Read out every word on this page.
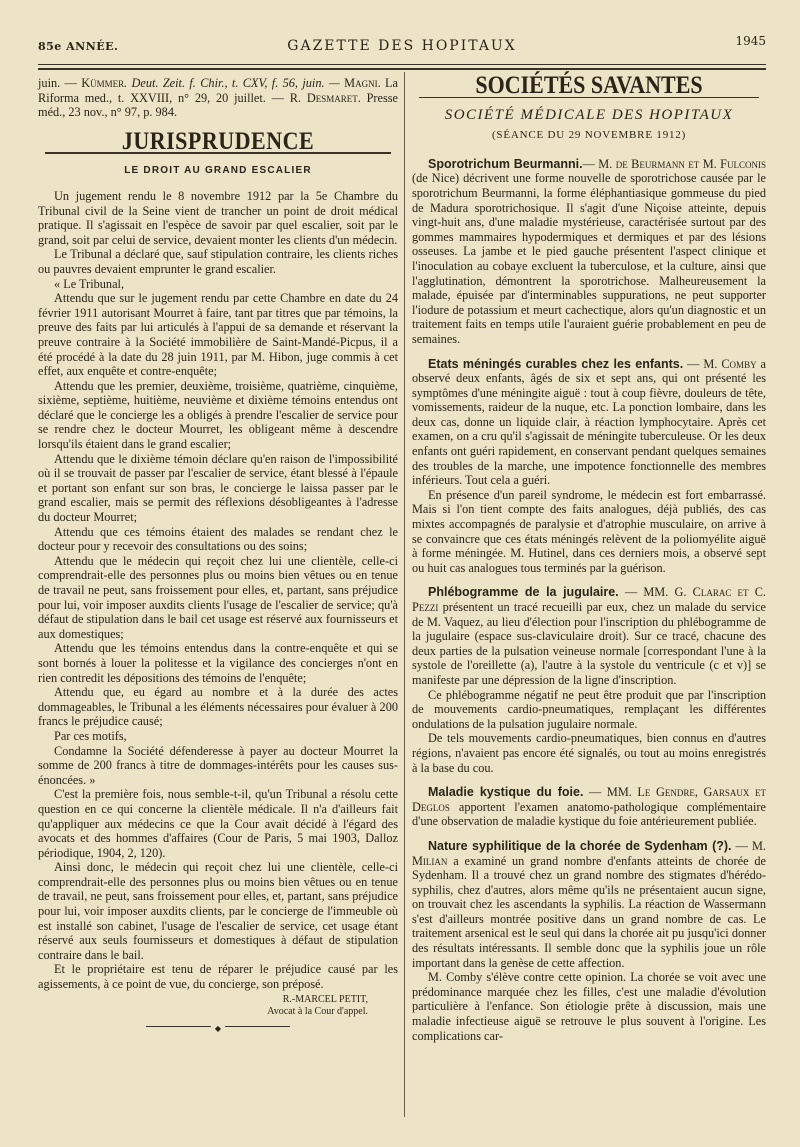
85e ANNÉE.	GAZETTE DES HOPITAUX	1945

juin. — Kümmer. Deut. Zeit. f. Chir., t. CXV, f. 56, juin. — Magni. La Riforma med., t. XXVIII, n° 29, 20 juillet. — R. Desmaret. Presse méd., 23 nov., n° 97, p. 984.

JURISPRUDENCE
LE DROIT AU GRAND ESCALIER

Un jugement rendu le 8 novembre 1912 par la 5e Chambre du Tribunal civil de la Seine vient de trancher un point de droit médical pratique. Il s'agissait en l'espèce de savoir par quel escalier, soit par le grand, soit par celui de service, devaient monter les clients d'un médecin.

Le Tribunal a déclaré que, sauf stipulation contraire, les clients riches ou pauvres devaient emprunter le grand escalier.

« Le Tribunal,

Attendu que sur le jugement rendu par cette Chambre en date du 24 février 1911 autorisant Mourret à faire, tant par titres que par témoins, la preuve des faits par lui articulés à l'appui de sa demande et réservant la preuve contraire à la Société immobilière de Saint-Mandé-Picpus, il a été procédé à la date du 28 juin 1911, par M. Hibon, juge commis à cet effet, aux enquête et contre-enquête;

Attendu que les premier, deuxième, troisième, quatrième, cinquième, sixième, septième, huitième, neuvième et dixième témoins entendus ont déclaré que le concierge les a obligés à prendre l'escalier de service pour se rendre chez le docteur Mourret, les obligeant même à descendre lorsqu'ils étaient dans le grand escalier;

Attendu que le dixième témoin déclare qu'en raison de l'impossibilité où il se trouvait de passer par l'escalier de service, étant blessé à l'épaule et portant son enfant sur son bras, le concierge le laissa passer par le grand escalier, mais se permit des réflexions désobligeantes à l'adresse du docteur Mourret;

Attendu que ces témoins étaient des malades se rendant chez le docteur pour y recevoir des consultations ou des soins;

Attendu que le médecin qui reçoit chez lui une clientèle, celle-ci comprendrait-elle des personnes plus ou moins bien vêtues ou en tenue de travail ne peut, sans froissement pour elles, et, partant, sans préjudice pour lui, voir imposer auxdits clients l'usage de l'escalier de service; qu'à défaut de stipulation dans le bail cet usage est réservé aux fournisseurs et aux domestiques;

Attendu que les témoins entendus dans la contre-enquête et qui se sont bornés à louer la politesse et la vigilance des concierges n'ont en rien contredit les dépositions des témoins de l'enquête;

Attendu que, eu égard au nombre et à la durée des actes dommageables, le Tribunal a les éléments nécessaires pour évaluer à 200 francs le préjudice causé;

Par ces motifs,

Condamne la Société défenderesse à payer au docteur Mourret la somme de 200 francs à titre de dommages-intérêts pour les causes sus-énoncées. »

C'est la première fois, nous semble-t-il, qu'un Tribunal a résolu cette question en ce qui concerne la clientèle médicale. Il n'a d'ailleurs fait qu'appliquer aux médecins ce que la Cour avait décidé à l'égard des avocats et des hommes d'affaires (Cour de Paris, 5 mai 1903, Dalloz périodique, 1904, 2, 120).

Ainsi donc, le médecin qui reçoit chez lui une clientèle, celle-ci comprendrait-elle des personnes plus ou moins bien vêtues ou en tenue de travail, ne peut, sans froissement pour elles, et, partant, sans préjudice pour lui, voir imposer auxdits clients, par le concierge de l'immeuble où est installé son cabinet, l'usage de l'escalier de service, cet usage étant réservé aux seuls fournisseurs et domestiques à défaut de stipulation contraire dans le bail.

Et le propriétaire est tenu de réparer le préjudice causé par les agissements, à ce point de vue, du concierge, son préposé.

R.-MARCEL PETIT,
Avocat à la Cour d'appel.
◆
SOCIÉTÉS SAVANTES
SOCIÉTÉ MÉDICALE DES HOPITAUX
(SÉANCE DU 29 NOVEMBRE 1912)

Sporotrichum Beurmanni.— M. de Beurmann et M. Fulconis (de Nice) décrivent une forme nouvelle de sporotrichose causée par le sporotrichum Beurmanni, la forme éléphantiasique gommeuse du pied de Madura sporotrichosique. Il s'agit d'une Niçoise atteinte, depuis vingt-huit ans, d'une maladie mystérieuse, caractérisée surtout par des gommes mammaires hypodermiques et dermiques et par des lésions osseuses. La jambe et le pied gauche présentent l'aspect clinique et l'inoculation au cobaye excluent la tuberculose, et la culture, ainsi que l'agglutination, démontrent la sporotrichose. Malheureusement la malade, épuisée par d'interminables suppurations, ne peut supporter l'iodure de potassium et meurt cachectique, alors qu'un diagnostic et un traitement faits en temps utile l'auraient guérie probablement en peu de semaines.

Etats méningés curables chez les enfants. — M. Comby a observé deux enfants, âgés de six et sept ans, qui ont présenté les symptômes d'une méningite aiguë : tout à coup fièvre, douleurs de tête, vomissements, raideur de la nuque, etc. La ponction lombaire, dans les deux cas, donne un liquide clair, à réaction lymphocytaire. Après cet examen, on a cru qu'il s'agissait de méningite tuberculeuse. Or les deux enfants ont guéri rapidement, en conservant pendant quelques semaines des troubles de la marche, une impotence fonctionnelle des membres inférieurs. Tout cela a guéri.

En présence d'un pareil syndrome, le médecin est fort embarrassé. Mais si l'on tient compte des faits analogues, déjà publiés, des cas mixtes accompagnés de paralysie et d'atrophie musculaire, on arrive à se convaincre que ces états méningés relèvent de la poliomyélite aiguë à forme méningée. M. Hutinel, dans ces derniers mois, a observé sept ou huit cas analogues tous terminés par la guérison.

Phlébogramme de la jugulaire. — MM. G. Clarac et C. Pezzi présentent un tracé recueilli par eux, chez un malade du service de M. Vaquez, au lieu d'élection pour l'inscription du phlébogramme de la jugulaire (espace sus-claviculaire droit). Sur ce tracé, chacune des deux parties de la pulsation veineuse normale [correspondant l'une à la systole de l'oreillette (a), l'autre à la systole du ventricule (c et v)] se manifeste par une dépression de la ligne d'inscription.

Ce phlébogramme négatif ne peut être produit que par l'inscription de mouvements cardio-pneumatiques, remplaçant les différentes ondulations de la pulsation jugulaire normale.

De tels mouvements cardio-pneumatiques, bien connus en d'autres régions, n'avaient pas encore été signalés, ou tout au moins enregistrés à la base du cou.

Maladie kystique du foie. — MM. Le Gendre, Garsaux et Deglos apportent l'examen anatomo-pathologique complémentaire d'une observation de maladie kystique du foie antérieurement publiée.

Nature syphilitique de la chorée de Sydenham (?). — M. Milian a examiné un grand nombre d'enfants atteints de chorée de Sydenham. Il a trouvé chez un grand nombre des stigmates d'hérédo-syphilis, chez d'autres, alors même qu'ils ne présentaient aucun signe, on trouvait chez les ascendants la syphilis. La réaction de Wassermann s'est d'ailleurs montrée positive dans un grand nombre de cas. Le traitement arsenical est le seul qui dans la chorée ait pu jusqu'ici donner des résultats intéressants. Il semble donc que la syphilis joue un rôle important dans la genèse de cette affection.

M. Comby s'élève contre cette opinion. La chorée se voit avec une prédominance marquée chez les filles, c'est une maladie d'évolution particulière à l'enfance. Son étiologie prête à discussion, mais une maladie infectieuse aiguë se retrouve le plus souvent à l'origine. Les complications car-
